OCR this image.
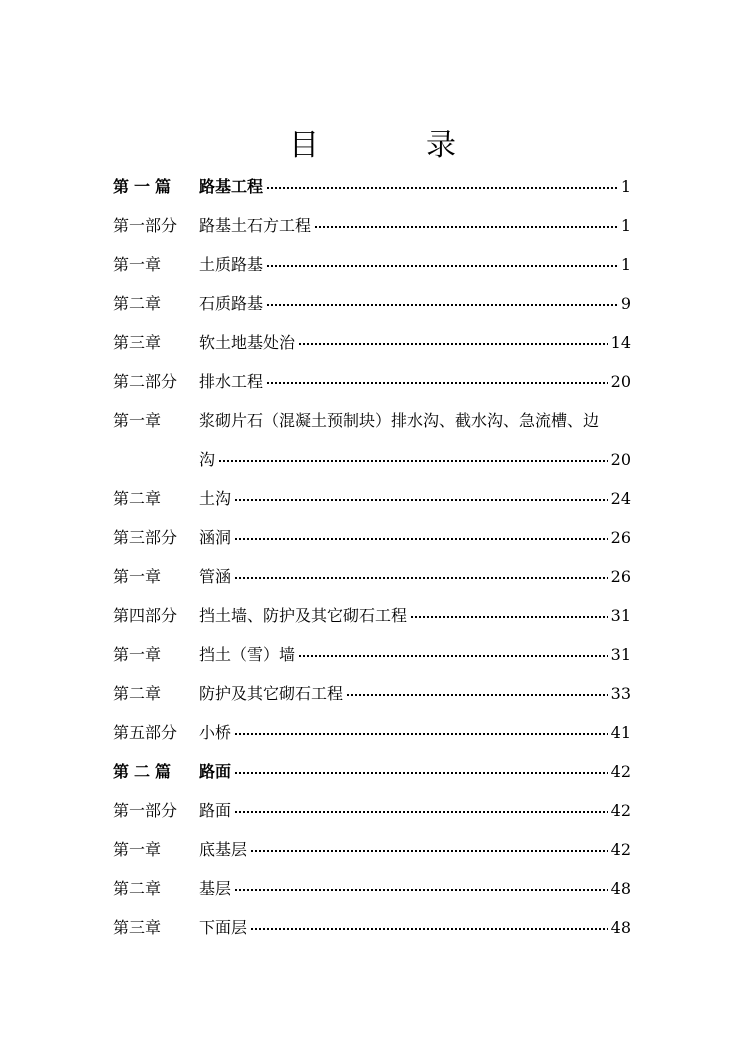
目	录
第一篇 路基工程	1
第一部分 路基土石方工程	1
第一章 土质路基	1
第二章 石质路基	9
第三章 软土地基处治	14
第二部分 排水工程	20
第一章 浆砌片石（混凝土预制块）排水沟、截水沟、急流槽、边
沟	20
第二章 土沟	24
第三部分 涵洞	26
第一章 管涵	26
第四部分 挡土墙、防护及其它砌石工程	31
第一章 挡土（雪）墙	31
第二章 防护及其它砌石工程	33
第五部分 小桥	41
第二篇 路面	42
第一部分 路面	42
第一章 底基层	42
第二章 基层	48
第三章 下面层	48
